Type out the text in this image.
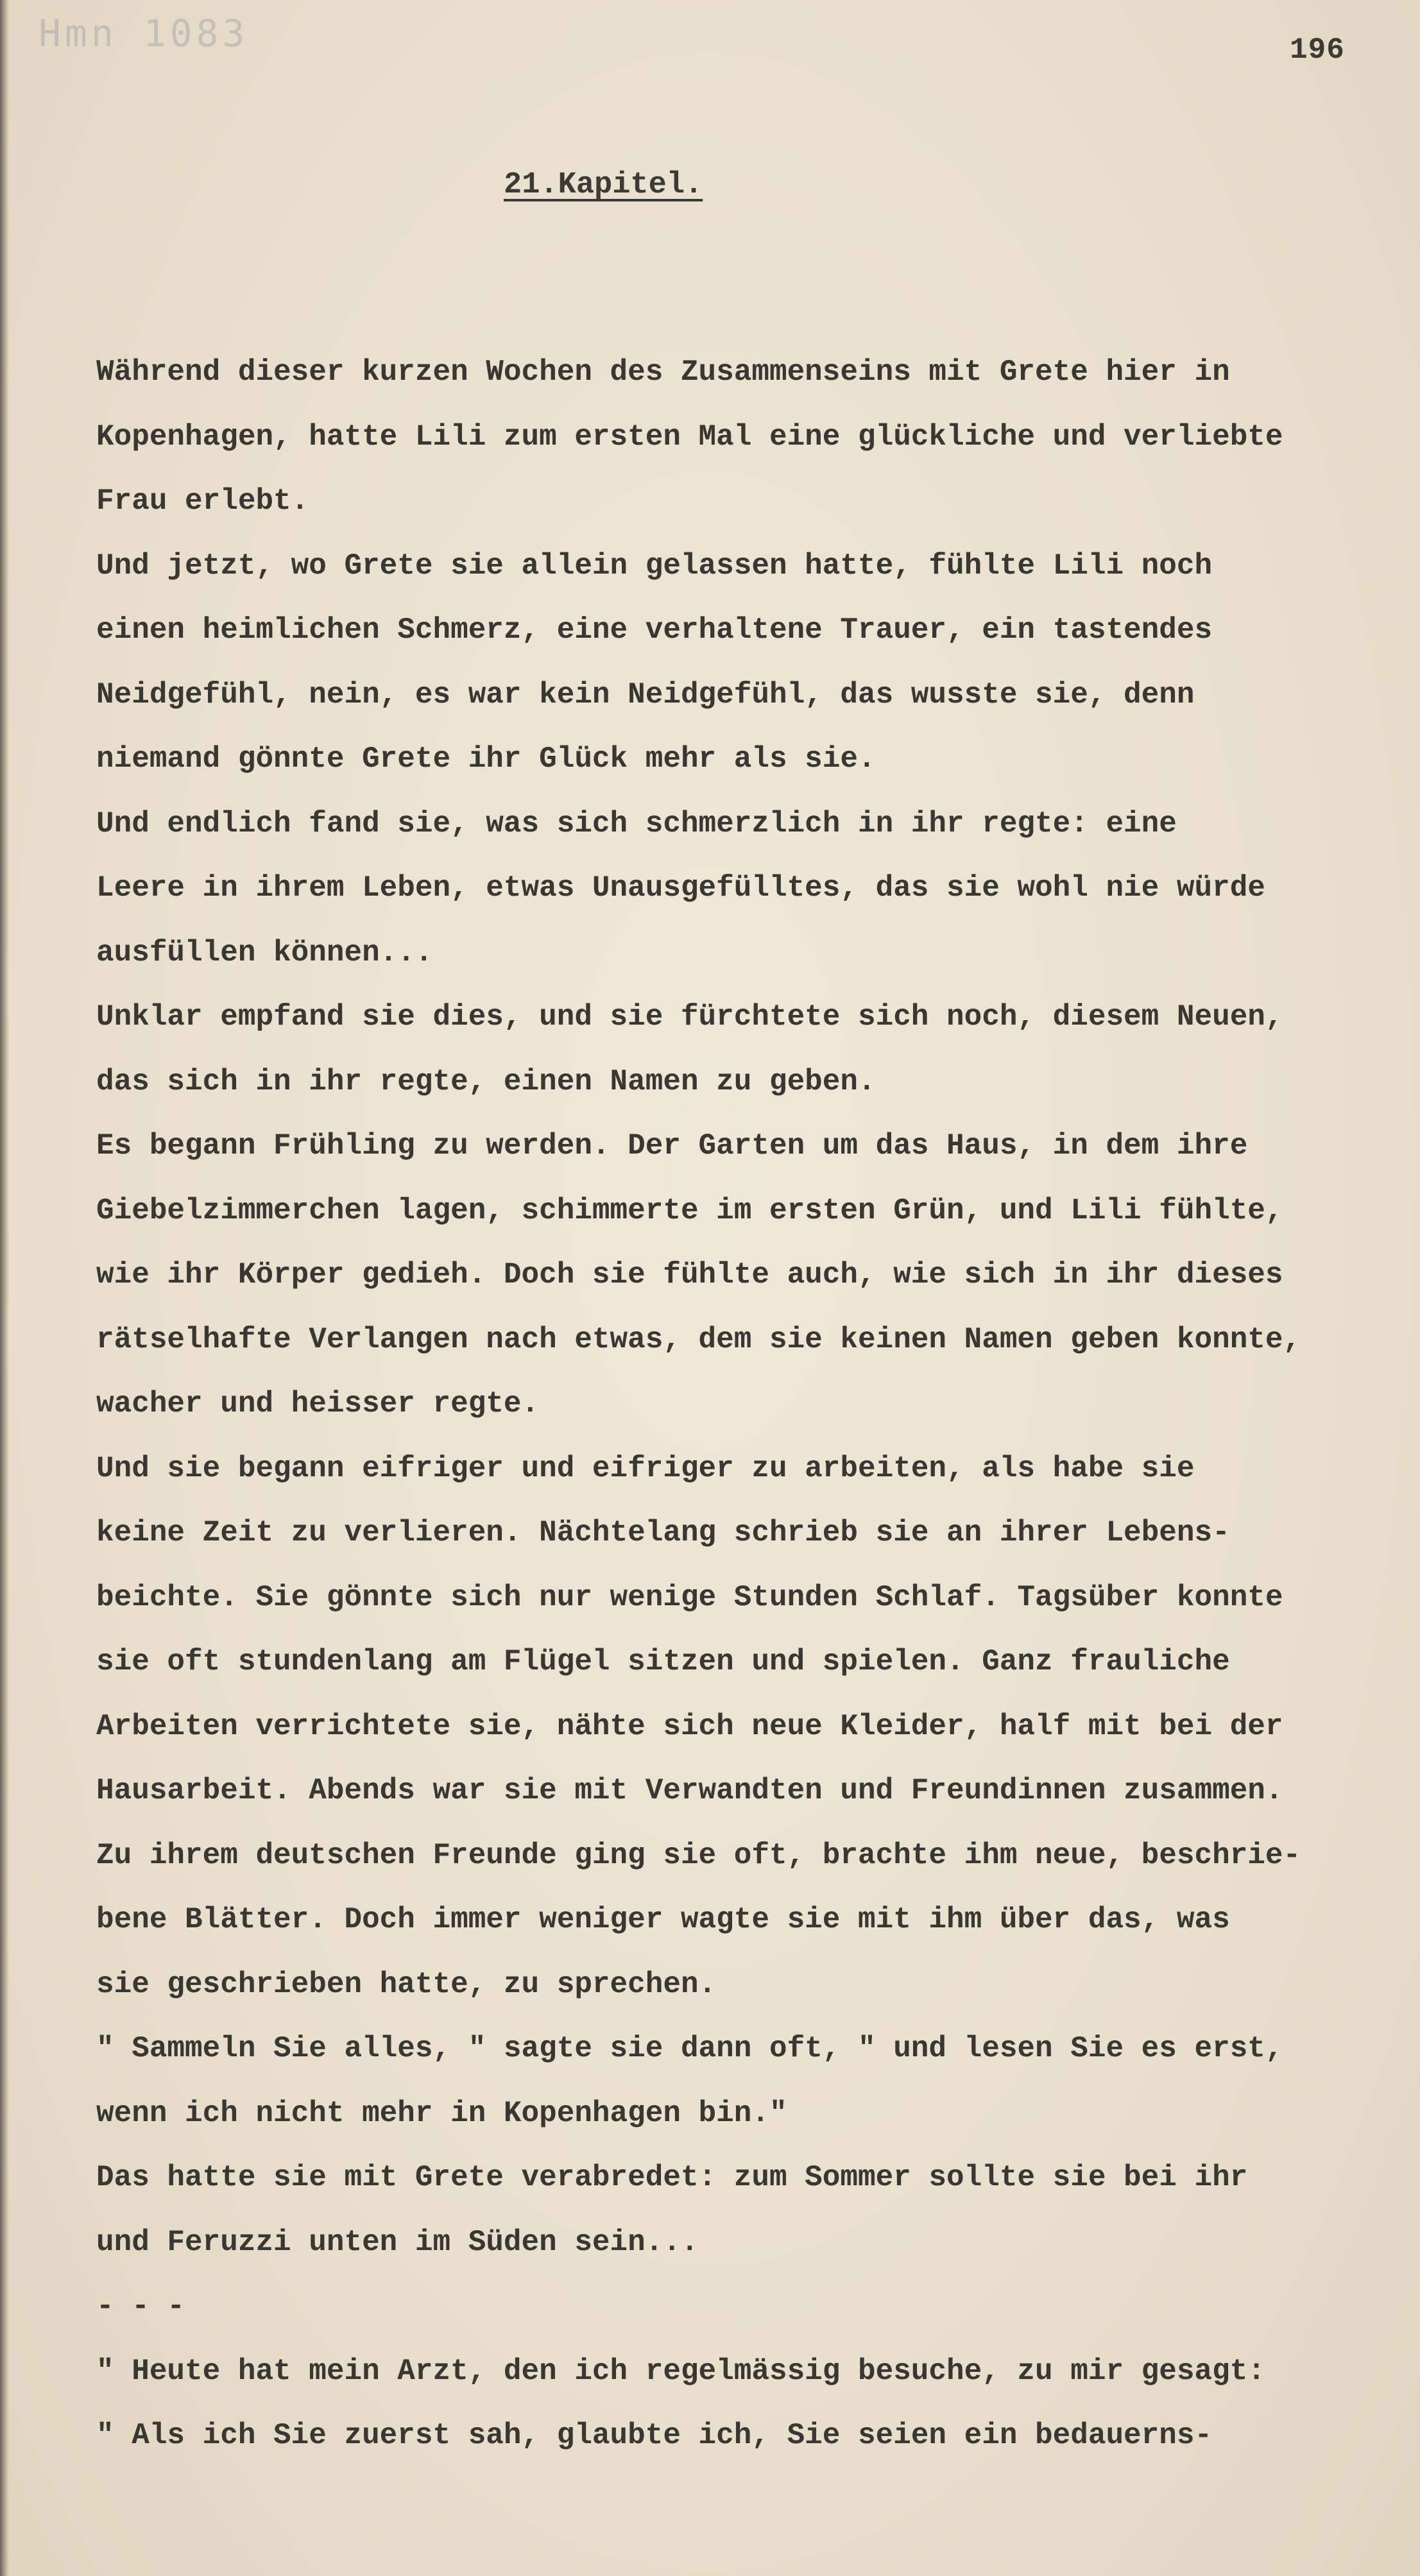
Hmn 1083	196
21.Kapitel.
Während dieser kurzen Wochen des Zusammenseins mit Grete hier in
Kopenhagen, hatte Lili zum ersten Mal eine glückliche und verliebte
Frau erlebt.
Und jetzt, wo Grete sie allein gelassen hatte, fühlte Lili noch
einen heimlichen Schmerz, eine verhaltene Trauer, ein tastendes
Neidgefühl, nein, es war kein Neidgefühl, das wusste sie, denn
niemand gönnte Grete ihr Glück mehr als sie.
Und endlich fand sie, was sich schmerzlich in ihr regte: eine
Leere in ihrem Leben, etwas Unausgefülltes, das sie wohl nie würde
ausfüllen können...
Unklar empfand sie dies, und sie fürchtete sich noch, diesem Neuen,
das sich in ihr regte, einen Namen zu geben.
Es begann Frühling zu werden. Der Garten um das Haus, in dem ihre
Giebelzimmerchen lagen, schimmerte im ersten Grün, und Lili fühlte,
wie ihr Körper gedieh. Doch sie fühlte auch, wie sich in ihr dieses
rätselhafte Verlangen nach etwas, dem sie keinen Namen geben konnte,
wacher und heisser regte.
Und sie begann eifriger und eifriger zu arbeiten, als habe sie
keine Zeit zu verlieren. Nächtelang schrieb sie an ihrer Lebens-
beichte. Sie gönnte sich nur wenige Stunden Schlaf. Tagsüber konnte
sie oft stundenlang am Flügel sitzen und spielen. Ganz frauliche
Arbeiten verrichtete sie, nähte sich neue Kleider, half mit bei der
Hausarbeit. Abends war sie mit Verwandten und Freundinnen zusammen.
Zu ihrem deutschen Freunde ging sie oft, brachte ihm neue, beschrie-
bene Blätter. Doch immer weniger wagte sie mit ihm über das, was
sie geschrieben hatte, zu sprechen.
" Sammeln Sie alles, " sagte sie dann oft, " und lesen Sie es erst,
wenn ich nicht mehr in Kopenhagen bin."
Das hatte sie mit Grete verabredet: zum Sommer sollte sie bei ihr
und Feruzzi unten im Süden sein...
- - -
" Heute hat mein Arzt, den ich regelmässig besuche, zu mir gesagt:
" Als ich Sie zuerst sah, glaubte ich, Sie seien ein bedauerns-
